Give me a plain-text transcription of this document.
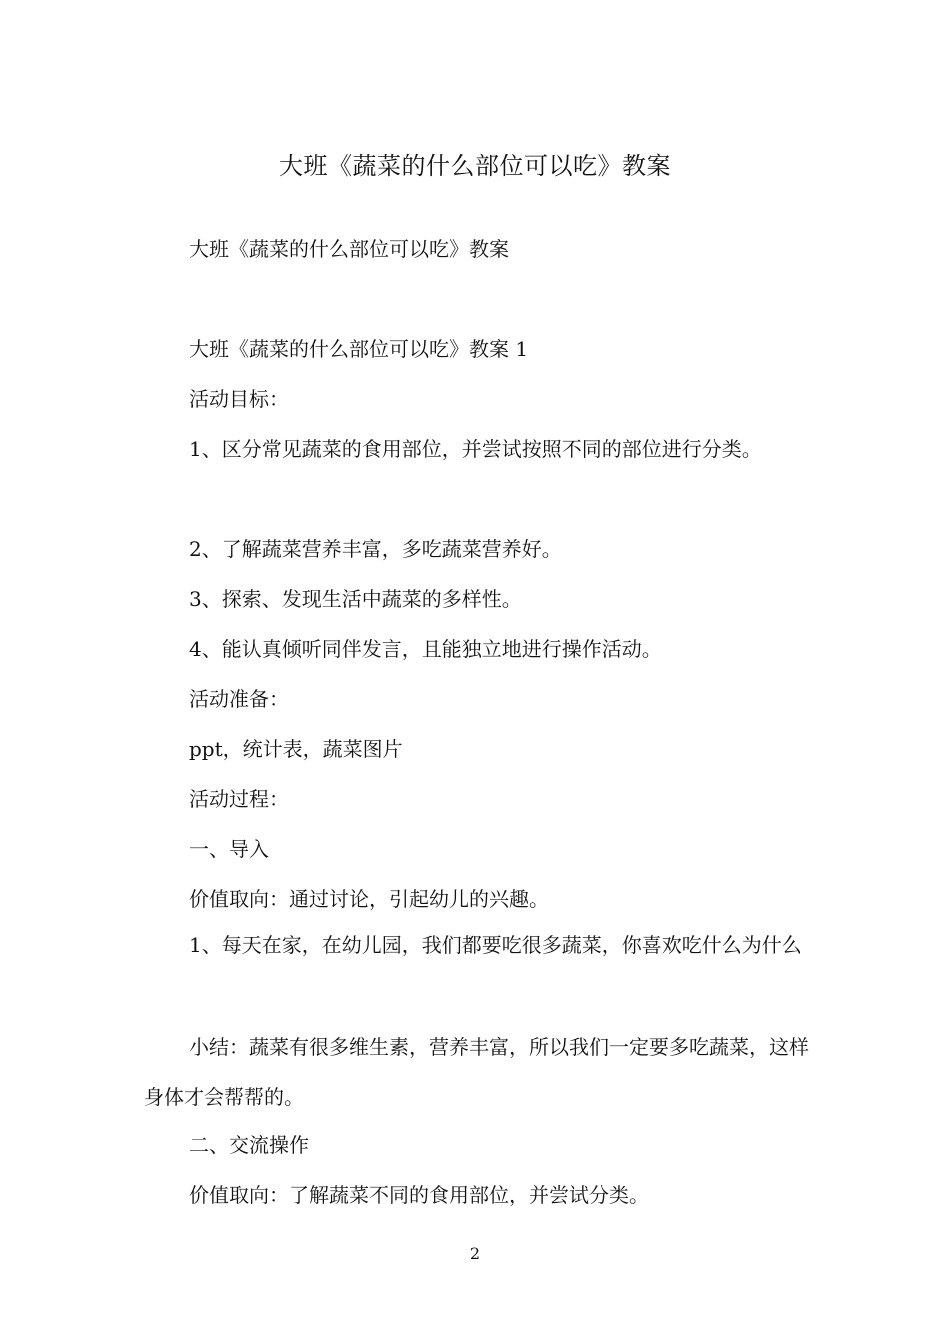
大班《蔬菜的什么部位可以吃》教案
大班《蔬菜的什么部位可以吃》教案
大班《蔬菜的什么部位可以吃》教案 1
活动目标：
1、区分常见蔬菜的食用部位，并尝试按照不同的部位进行分类。
2、了解蔬菜营养丰富，多吃蔬菜营养好。
3、探索、发现生活中蔬菜的多样性。
4、能认真倾听同伴发言，且能独立地进行操作活动。
活动准备：
ppt，统计表，蔬菜图片
活动过程：
一、导入
价值取向：通过讨论，引起幼儿的兴趣。
1、每天在家，在幼儿园，我们都要吃很多蔬菜，你喜欢吃什么为什么
小结：蔬菜有很多维生素，营养丰富，所以我们一定要多吃蔬菜，这样身体才会帮帮的。
二、交流操作
价值取向：了解蔬菜不同的食用部位，并尝试分类。
2
